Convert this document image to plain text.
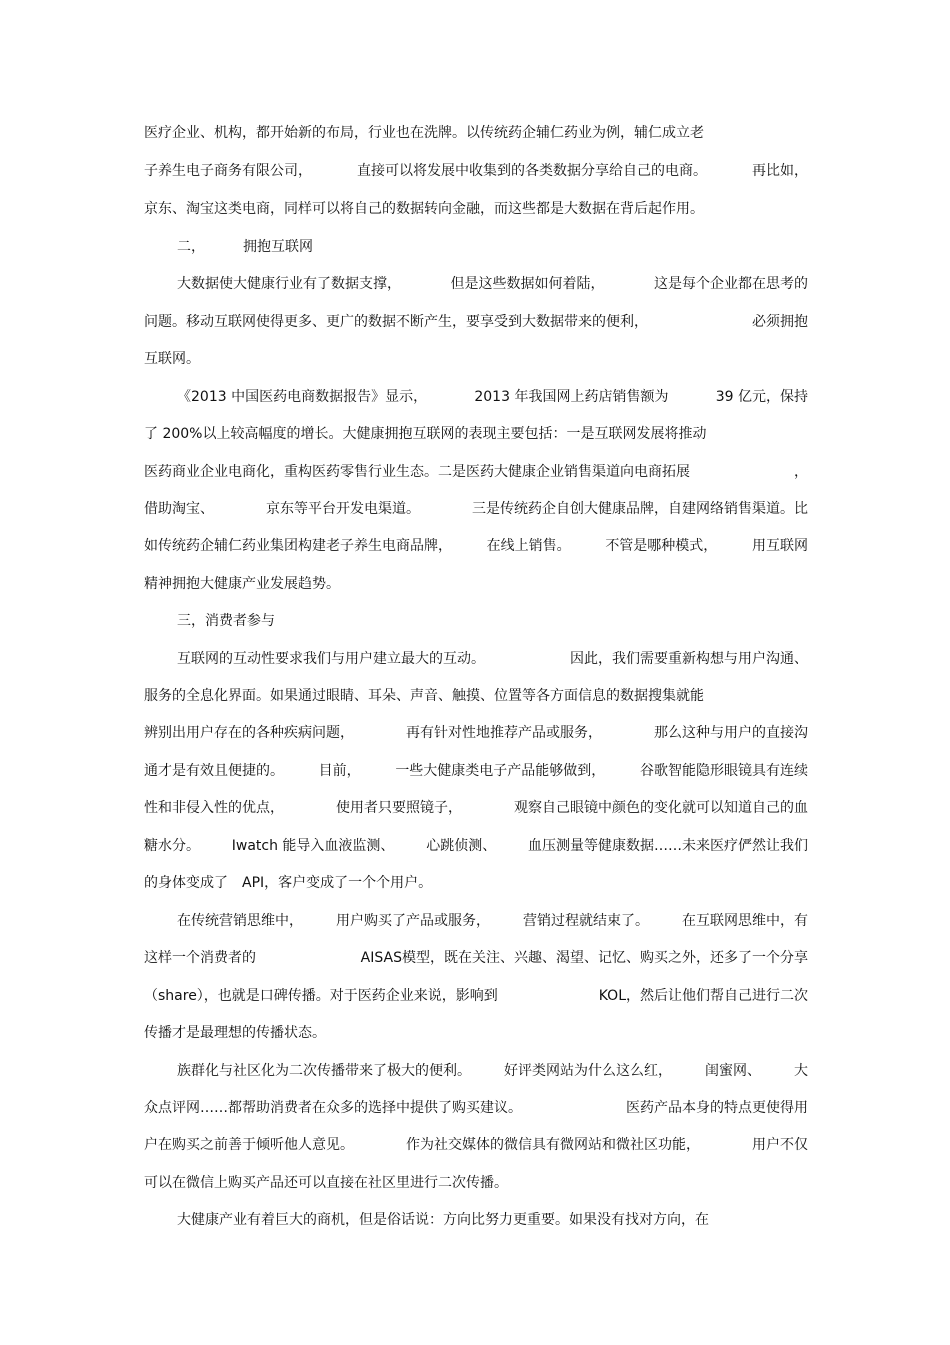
医疗企业、机构，都开始新的布局，行业也在洗牌。以传统药企辅仁药业为例，辅仁成立老

子养生电子商务有限公司，	直接可以将发展中收集到的各类数据分享给自己的电商。	再比如，

京东、淘宝这类电商，同样可以将自己的数据转向金融，而这些都是大数据在背后起作用。

二，	拥抱互联网

大数据使大健康行业有了数据支撑，	但是这些数据如何着陆，	这是每个企业都在思考的

问题。移动互联网使得更多、更广的数据不断产生，要享受到大数据带来的便利，	必须拥抱

互联网。

《2013 中国医药电商数据报告》显示，	2013 年我国网上药店销售额为	39 亿元，保持

了 200%以上较高幅度的增长。大健康拥抱互联网的表现主要包括：一是互联网发展将推动

医药商业企业电商化，重构医药零售行业生态。二是医药大健康企业销售渠道向电商拓展	，

借助淘宝、	京东等平台开发电渠道。	三是传统药企自创大健康品牌，自建网络销售渠道。比

如传统药企辅仁药业集团构建老子养生电商品牌， 在线上销售。 不管是哪种模式， 用互联网

精神拥抱大健康产业发展趋势。

三，消费者参与

互联网的互动性要求我们与用户建立最大的互动。	因此，我们需要重新构想与用户沟通、

服务的全息化界面。如果通过眼睛、耳朵、声音、触摸、位置等各方面信息的数据搜集就能

辨别出用户存在的各种疾病问题，	再有针对性地推荐产品或服务，	那么这种与用户的直接沟

通才是有效且便捷的。 目前， 一些大健康类电子产品能够做到， 谷歌智能隐形眼镜具有连续

性和非侵入性的优点，	使用者只要照镜子，	观察自己眼镜中颜色的变化就可以知道自己的血

糖水分。 Iwatch 能导入血液监测、 心跳侦测、 血压测量等健康数据……未来医疗俨然让我们

的身体变成了 API，客户变成了一个个用户。

在传统营销思维中， 用户购买了产品或服务， 营销过程就结束了。 在互联网思维中，有

这样一个消费者的	AISAS模型，既在关注、兴趣、渴望、记忆、购买之外，还多了一个分享

（share），也就是口碑传播。对于医药企业来说，影响到	KOL，然后让他们帮自己进行二次

传播才是最理想的传播状态。

族群化与社区化为二次传播带来了极大的便利。 好评类网站为什么这么红， 闺蜜网、 大

众点评网……都帮助消费者在众多的选择中提供了购买建议。	医药产品本身的特点更使得用

户在购买之前善于倾听他人意见。	作为社交媒体的微信具有微网站和微社区功能，	用户不仅

可以在微信上购买产品还可以直接在社区里进行二次传播。

大健康产业有着巨大的商机，但是俗话说：方向比努力更重要。如果没有找对方向，在
